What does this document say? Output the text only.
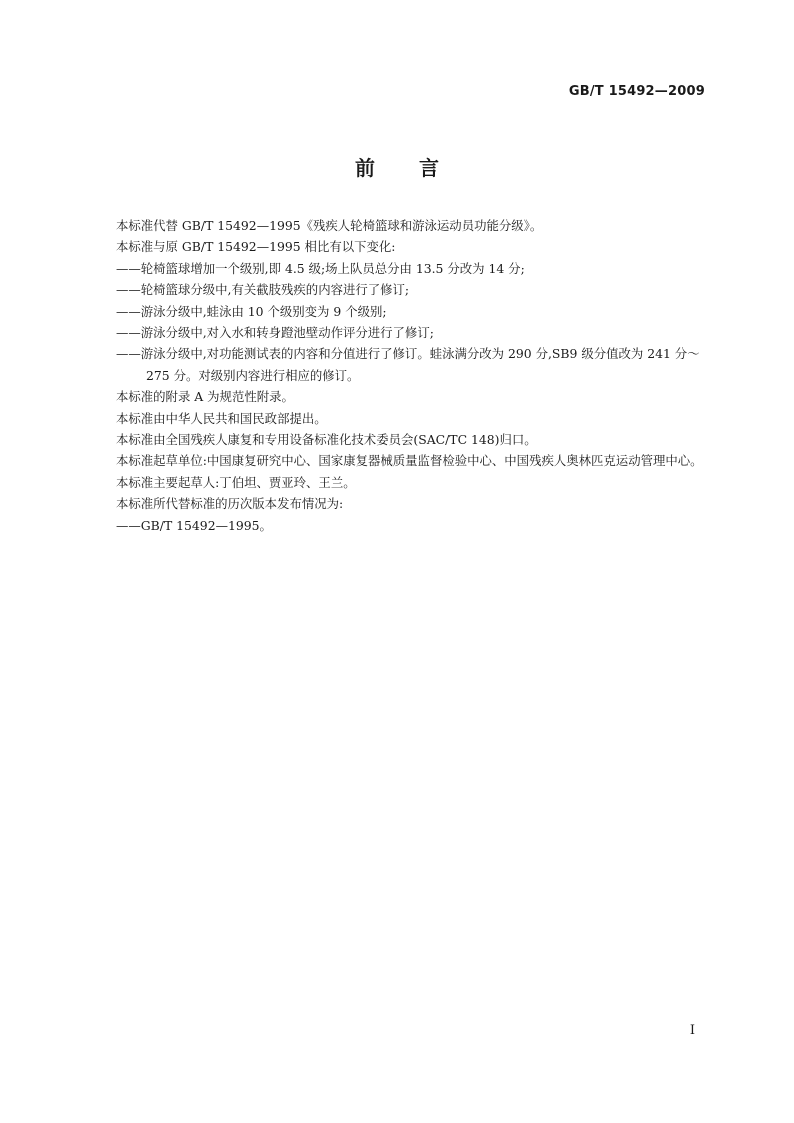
GB/T 15492—2009
前 言

本标准代替 GB/T 15492—1995《残疾人轮椅篮球和游泳运动员功能分级》。

本标准与原 GB/T 15492—1995 相比有以下变化:

——轮椅篮球增加一个级别,即 4.5 级;场上队员总分由 13.5 分改为 14 分;

——轮椅篮球分级中,有关截肢残疾的内容进行了修订;

——游泳分级中,蛙泳由 10 个级别变为 9 个级别;

——游泳分级中,对入水和转身蹬池壁动作评分进行了修订;

——游泳分级中,对功能测试表的内容和分值进行了修订。蛙泳满分改为 290 分,SB9 级分值改为 241 分～275 分。对级别内容进行相应的修订。

本标准的附录 A 为规范性附录。

本标准由中华人民共和国民政部提出。

本标准由全国残疾人康复和专用设备标准化技术委员会(SAC/TC 148)归口。

本标准起草单位:中国康复研究中心、国家康复器械质量监督检验中心、中国残疾人奥林匹克运动管理中心。

本标准主要起草人:丁伯坦、贾亚玲、王兰。

本标准所代替标准的历次版本发布情况为:

——GB/T 15492—1995。

I
